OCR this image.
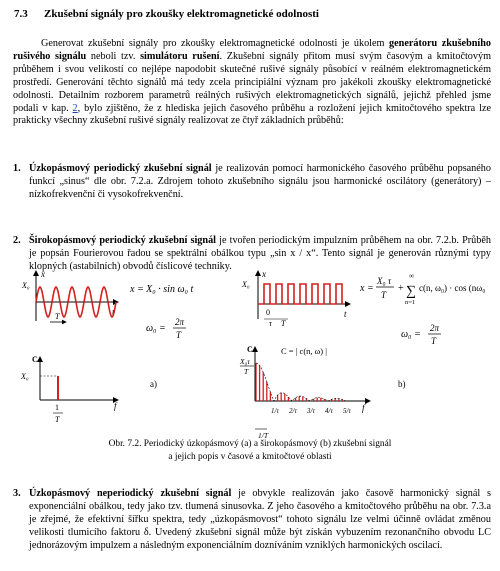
7.3 Zkušební signály pro zkoušky elektromagnetické odolnosti
Generovat zkušební signály pro zkoušky elektromagnetické odolnosti je úkolem generátoru zkušebního rušivého signálu neboli tzv. simulátoru rušení. Zkušební signály přitom musí svým časovým a kmitočtovým průběhem i svou velikostí co nejlépe napodobit skutečné rušivé signály působící v reálném elektromagnetickém prostředí. Generování těchto signálů má tedy zcela principiální význam pro jakékoli zkoušky elektromagnetické odolnosti. Detailním rozborem parametrů reálných rušivých elektromagnetických signálů, jejichž přehled jsme podali v kap. 2, bylo zjištěno, že z hlediska jejich časového průběhu a rozložení jejich kmitočtového spektra lze prakticky všechny zkušební rušivé signály realizovat ze čtyř základních průběhů:
1. Úzkopásmový periodický zkušební signál je realizován pomocí harmonického časového průběhu popsaného funkcí „sinus“ dle obr. 7.2.a. Zdrojem tohoto zkušebního signálu jsou harmonické oscilátory (generátory) – nízkofrekvenční či vysokofrekvenční.
2. Širokopásmový periodický zkušební signál je tvořen periodickým impulzním průběhem na obr. 7.2.b. Průběh je popsán Fourierovou řadou se spektrální obálkou typu „sin x / x“. Tento signál je generován různými typy klopných (astabilních) obvodů číslicové techniky.
x
X₀
t
T
x = X₀ · sin ω₀ t
ω₀ =
2π
T
C
f
X₀
1
T
a)
x
X₀
t
0
τ T
x =
X₀ τ
T
+
∞
∑
n=1
c(n, ω₀) · cos (nω₀ t)
ω₀ =
2π
T
C
X₀τ
T
C = | c(n, ω) |
1/τ 2/τ 3/τ 4/τ 5/τ f
1/T
b)
Obr. 7.2. Periodický úzkopásmový (a) a širokopásmový (b) zkušební signál
a jejich popis v časové a kmitočtové oblasti
3. Úzkopásmový neperiodický zkušební signál je obvykle realizován jako časově harmonický signál s exponenciální obálkou, tedy jako tzv. tlumená sinusovka. Z jeho časového a kmitočtového průběhu na obr. 7.3.a je zřejmé, že efektivní šířku spektra, tedy „úzkopásmovost“ tohoto signálu lze velmi účinně ovládat změnou velikosti tlumicího faktoru δ. Uvedený zkušební signál může být získán vybuzením rezonančního obvodu LC jednorázovým impulzem a následným exponenciálním dozníváním vzniklých harmonických oscilací.
